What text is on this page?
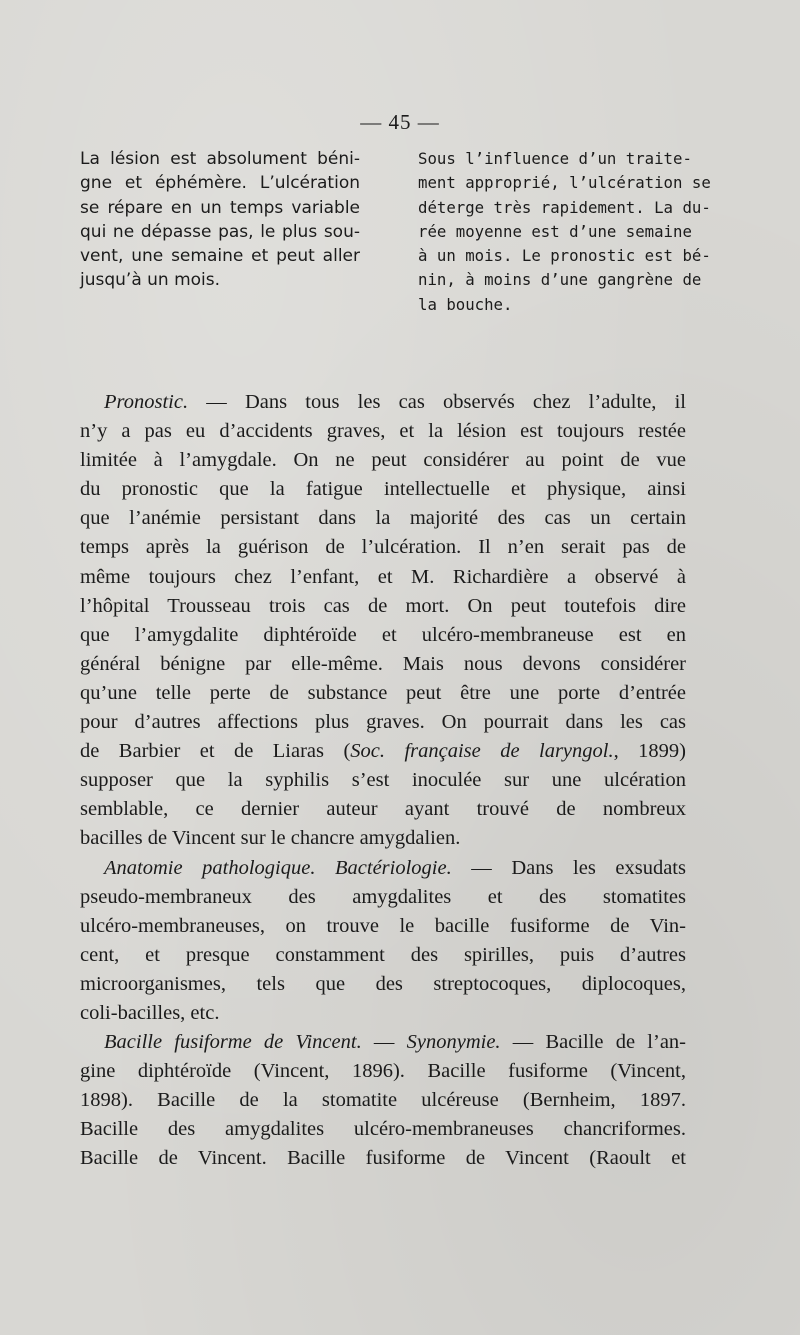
— 45 —
La lésion est absolument béni-
gne et éphémère. L’ulcération
se répare en un temps variable
qui ne dépasse pas, le plus sou-
vent, une semaine et peut aller
jusqu’à un mois.
Sous l’influence d’un traite-
ment approprié, l’ulcération se
déterge très rapidement. La du-
rée moyenne est d’une semaine
à un mois. Le pronostic est bé-
nin, à moins d’une gangrène de
la bouche.
Pronostic. — Dans tous les cas observés chez l’adulte, il
n’y a pas eu d’accidents graves, et la lésion est toujours restée
limitée à l’amygdale. On ne peut considérer au point de vue
du pronostic que la fatigue intellectuelle et physique, ainsi
que l’anémie persistant dans la majorité des cas un certain
temps après la guérison de l’ulcération. Il n’en serait pas de
même toujours chez l’enfant, et M. Richardière a observé à
l’hôpital Trousseau trois cas de mort. On peut toutefois dire
que l’amygdalite diphtéroïde et ulcéro-membraneuse est en
général bénigne par elle-même. Mais nous devons considérer
qu’une telle perte de substance peut être une porte d’entrée
pour d’autres affections plus graves. On pourrait dans les cas
de Barbier et de Liaras (Soc. française de laryngol., 1899)
supposer que la syphilis s’est inoculée sur une ulcération
semblable, ce dernier auteur ayant trouvé de nombreux
bacilles de Vincent sur le chancre amygdalien.
Anatomie pathologique. Bactériologie. — Dans les exsudats
pseudo-membraneux des amygdalites et des stomatites
ulcéro-membraneuses, on trouve le bacille fusiforme de Vin-
cent, et presque constamment des spirilles, puis d’autres
microorganismes, tels que des streptocoques, diplocoques,
coli-bacilles, etc.
Bacille fusiforme de Vincent. — Synonymie. — Bacille de l’an-
gine diphtéroïde (Vincent, 1896). Bacille fusiforme (Vincent,
1898). Bacille de la stomatite ulcéreuse (Bernheim, 1897.
Bacille des amygdalites ulcéro-membraneuses chancriformes.
Bacille de Vincent. Bacille fusiforme de Vincent (Raoult et
